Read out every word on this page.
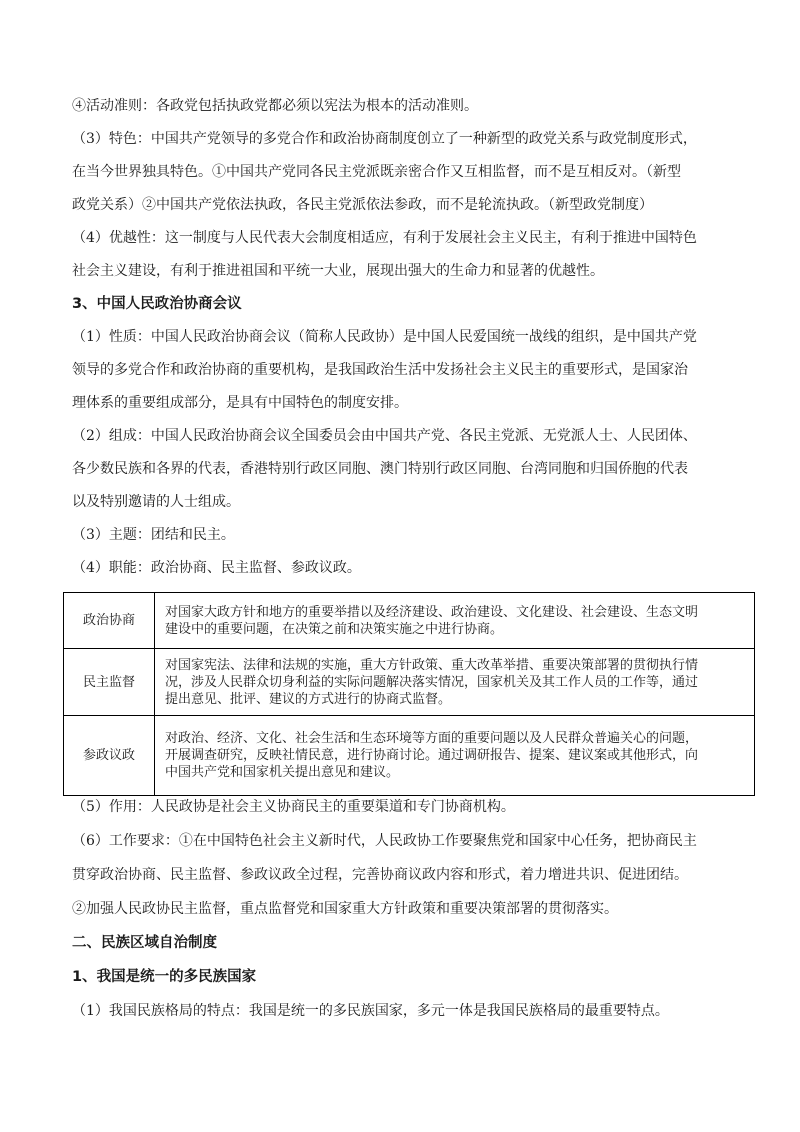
④活动准则：各政党包括执政党都必须以宪法为根本的活动准则。
（3）特色：中国共产党领导的多党合作和政治协商制度创立了一种新型的政党关系与政党制度形式，
在当今世界独具特色。①中国共产党同各民主党派既亲密合作又互相监督，而不是互相反对。（新型
政党关系）②中国共产党依法执政，各民主党派依法参政，而不是轮流执政。（新型政党制度）
（4）优越性：这一制度与人民代表大会制度相适应，有利于发展社会主义民主，有利于推进中国特色
社会主义建设，有利于推进祖国和平统一大业，展现出强大的生命力和显著的优越性。
3、中国人民政治协商会议
（1）性质：中国人民政治协商会议（简称人民政协）是中国人民爱国统一战线的组织，是中国共产党
领导的多党合作和政治协商的重要机构，是我国政治生活中发扬社会主义民主的重要形式，是国家治
理体系的重要组成部分，是具有中国特色的制度安排。
（2）组成：中国人民政治协商会议全国委员会由中国共产党、各民主党派、无党派人士、人民团体、
各少数民族和各界的代表，香港特别行政区同胞、澳门特别行政区同胞、台湾同胞和归国侨胞的代表
以及特别邀请的人士组成。
（3）主题：团结和民主。
（4）职能：政治协商、民主监督、参政议政。
政治协商	对国家大政方针和地方的重要举措以及经济建设、政治建设、文化建设、社会建设、生态文明
建设中的重要问题，在决策之前和决策实施之中进行协商。

民主监督	对国家宪法、法律和法规的实施，重大方针政策、重大改革举措、重要决策部署的贯彻执行情
况，涉及人民群众切身利益的实际问题解决落实情况，国家机关及其工作人员的工作等，通过
提出意见、批评、建议的方式进行的协商式监督。

参政议政	对政治、经济、文化、社会生活和生态环境等方面的重要问题以及人民群众普遍关心的问题，
开展调查研究，反映社情民意，进行协商讨论。通过调研报告、提案、建议案或其他形式，向
中国共产党和国家机关提出意见和建议。
（5）作用：人民政协是社会主义协商民主的重要渠道和专门协商机构。
（6）工作要求：①在中国特色社会主义新时代，人民政协工作要聚焦党和国家中心任务，把协商民主
贯穿政治协商、民主监督、参政议政全过程，完善协商议政内容和形式，着力增进共识、促进团结。
②加强人民政协民主监督，重点监督党和国家重大方针政策和重要决策部署的贯彻落实。
二、民族区域自治制度
1、我国是统一的多民族国家
（1）我国民族格局的特点：我国是统一的多民族国家，多元一体是我国民族格局的最重要特点。
